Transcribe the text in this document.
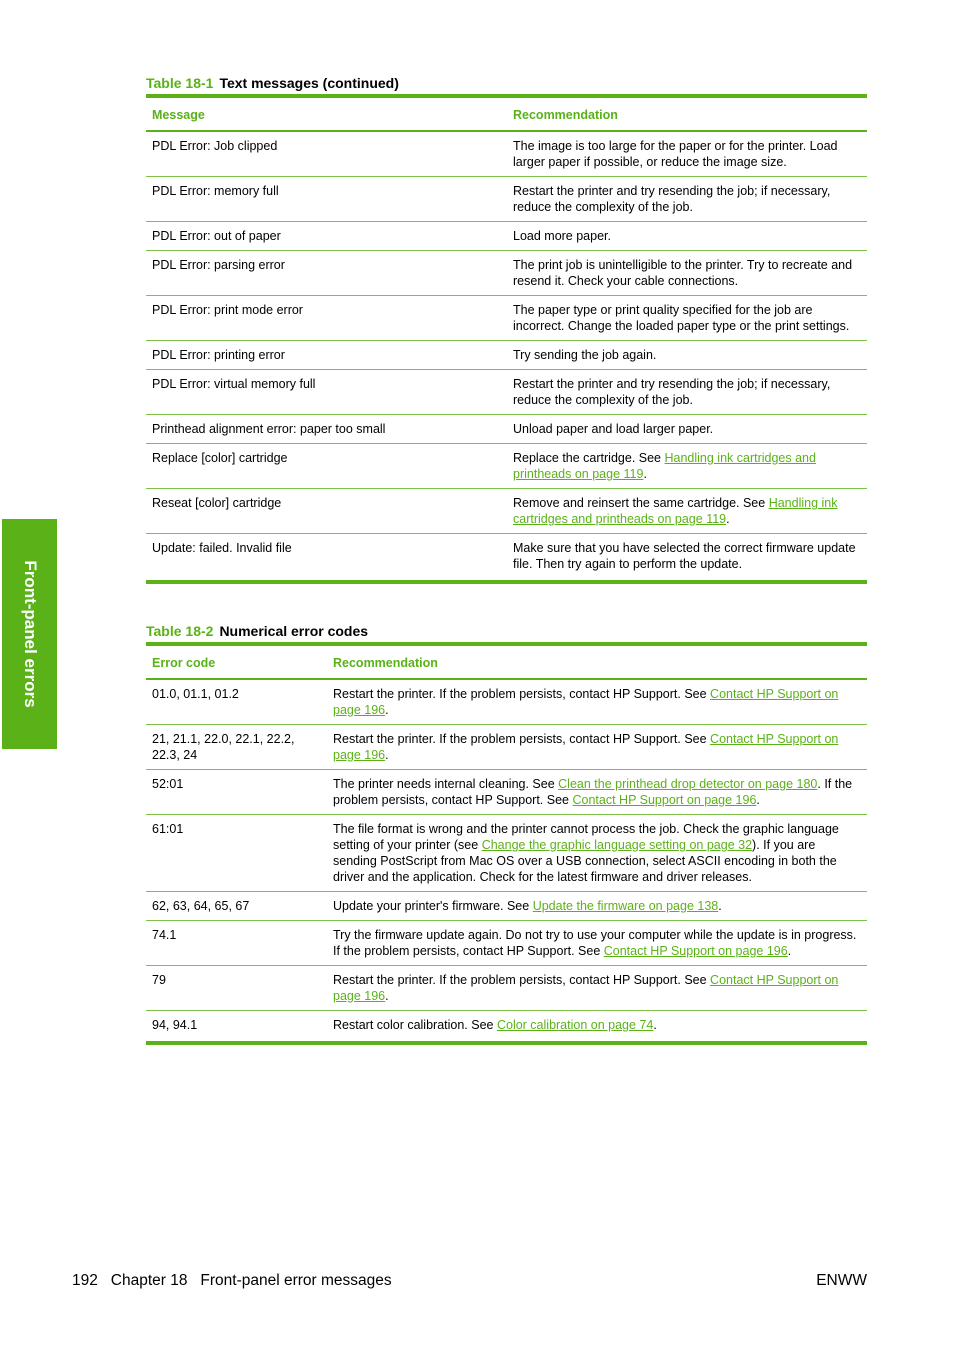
Front-panel errors
Table 18-1 Text messages (continued)
Message	Recommendation
PDL Error: Job clipped	The image is too large for the paper or for the printer. Load larger paper if possible, or reduce the image size.
PDL Error: memory full	Restart the printer and try resending the job; if necessary, reduce the complexity of the job.
PDL Error: out of paper	Load more paper.
PDL Error: parsing error	The print job is unintelligible to the printer. Try to recreate and resend it. Check your cable connections.
PDL Error: print mode error	The paper type or print quality specified for the job are incorrect. Change the loaded paper type or the print settings.
PDL Error: printing error	Try sending the job again.
PDL Error: virtual memory full	Restart the printer and try resending the job; if necessary, reduce the complexity of the job.
Printhead alignment error: paper too small	Unload paper and load larger paper.
Replace [color] cartridge	Replace the cartridge. See Handling ink cartridges and printheads on page 119.
Reseat [color] cartridge	Remove and reinsert the same cartridge. See Handling ink cartridges and printheads on page 119.
Update: failed. Invalid file	Make sure that you have selected the correct firmware update file. Then try again to perform the update.
Table 18-2 Numerical error codes
Error code	Recommendation
01.0, 01.1, 01.2	Restart the printer. If the problem persists, contact HP Support. See Contact HP Support on page 196.
21, 21.1, 22.0, 22.1, 22.2, 22.3, 24	Restart the printer. If the problem persists, contact HP Support. See Contact HP Support on page 196.
52:01	The printer needs internal cleaning. See Clean the printhead drop detector on page 180. If the problem persists, contact HP Support. See Contact HP Support on page 196.
61:01	The file format is wrong and the printer cannot process the job. Check the graphic language setting of your printer (see Change the graphic language setting on page 32). If you are sending PostScript from Mac OS over a USB connection, select ASCII encoding in both the driver and the application. Check for the latest firmware and driver releases.
62, 63, 64, 65, 67	Update your printer's firmware. See Update the firmware on page 138.
74.1	Try the firmware update again. Do not try to use your computer while the update is in progress. If the problem persists, contact HP Support. See Contact HP Support on page 196.
79	Restart the printer. If the problem persists, contact HP Support. See Contact HP Support on page 196.
94, 94.1	Restart color calibration. See Color calibration on page 74.
192   Chapter 18   Front-panel error messages	ENWW
